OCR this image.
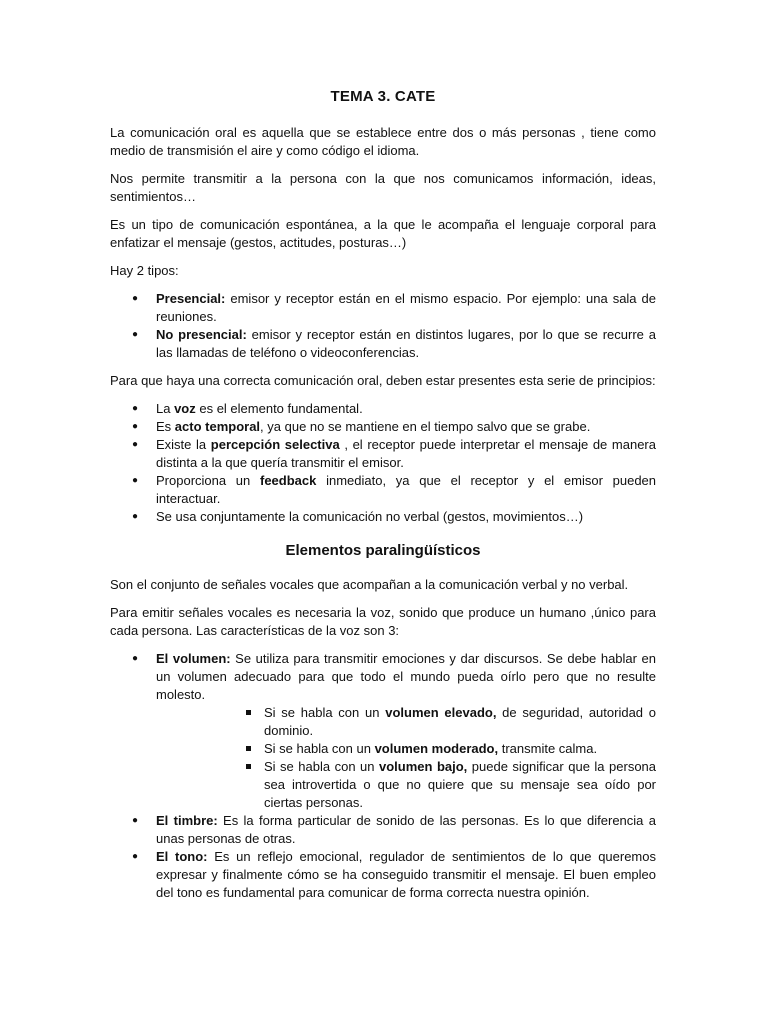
TEMA 3. CATE

La comunicación oral es aquella que se establece entre dos o más personas , tiene como medio de transmisión el aire y como código el idioma.

Nos permite transmitir a la persona con la que nos comunicamos información, ideas, sentimientos…

Es un tipo de comunicación espontánea, a la que le acompaña el lenguaje corporal para enfatizar el mensaje (gestos, actitudes, posturas…)

Hay 2 tipos:

● Presencial: emisor y receptor están en el mismo espacio. Por ejemplo: una sala de reuniones.
● No presencial: emisor y receptor están en distintos lugares, por lo que se recurre a las llamadas de teléfono o videoconferencias.

Para que haya una correcta comunicación oral, deben estar presentes esta serie de principios:

● La voz es el elemento fundamental.
● Es acto temporal, ya que no se mantiene en el tiempo salvo que se grabe.
● Existe la percepción selectiva , el receptor puede interpretar el mensaje de manera distinta a la que quería transmitir el emisor.
● Proporciona un feedback inmediato, ya que el receptor y el emisor pueden interactuar.
● Se usa conjuntamente la comunicación no verbal (gestos, movimientos…)
Elementos paralingüísticos

Son el conjunto de señales vocales que acompañan a la comunicación verbal y no verbal.

Para emitir señales vocales es necesaria la voz, sonido que produce un humano ,único para cada persona. Las características de la voz son 3:

● El volumen: Se utiliza para transmitir emociones y dar discursos. Se debe hablar en un volumen adecuado para que todo el mundo pueda oírlo pero que no resulte molesto.
Si se habla con un volumen elevado, de seguridad, autoridad o dominio.
Si se habla con un volumen moderado, transmite calma.
Si se habla con un volumen bajo, puede significar que la persona sea introvertida o que no quiere que su mensaje sea oído por ciertas personas.
● El timbre: Es la forma particular de sonido de las personas. Es lo que diferencia a unas personas de otras.
● El tono: Es un reflejo emocional, regulador de sentimientos de lo que queremos expresar y finalmente cómo se ha conseguido transmitir el mensaje. El buen empleo del tono es fundamental para comunicar de forma correcta nuestra opinión.
